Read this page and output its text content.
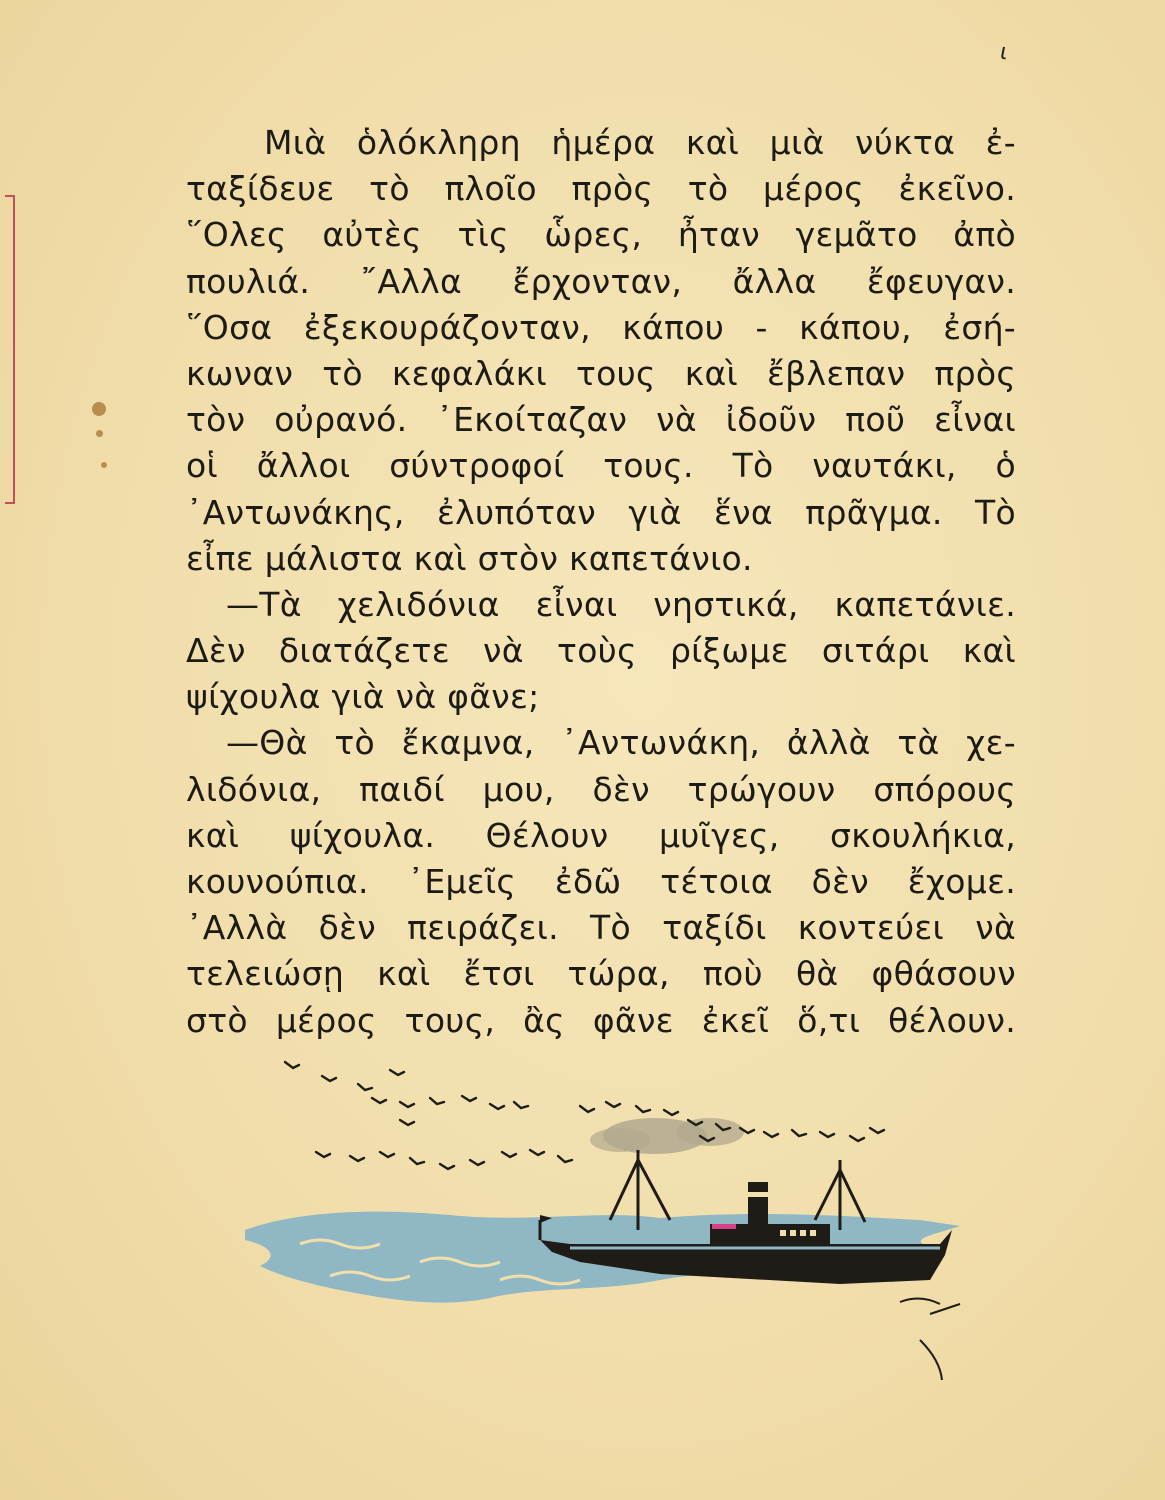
ι
Μιὰ ὁλόκληρη ἡμέρα καὶ μιὰ νύκτα ἐ-
ταξίδευε τὸ πλοῖο πρὸς τὸ μέρος ἐκεῖνο.
῞Ολες αὐτὲς τὶς ὧρες, ἦταν γεμᾶτο ἀπὸ
πουλιά. ῎Αλλα ἔρχονταν, ἄλλα ἔφευγαν.
῞Οσα ἐξεκουράζονταν, κάπου - κάπου, ἐσή-
κωναν τὸ κεφαλάκι τους καὶ ἔβλεπαν πρὸς
τὸν οὐρανό. ᾿Εκοίταζαν νὰ ἰδοῦν ποῦ εἶναι
οἱ ἄλλοι σύντροφοί τους. Τὸ ναυτάκι, ὁ
᾿Αντωνάκης, ἐλυπόταν γιὰ ἕνα πρᾶγμα. Τὸ
εἶπε μάλιστα καὶ στὸν καπετάνιο.
—Τὰ χελιδόνια εἶναι νηστικά, καπετάνιε.
Δὲν διατάζετε νὰ τοὺς ρίξωμε σιτάρι καὶ
ψίχουλα γιὰ νὰ φᾶνε;
—Θὰ τὸ ἔκαμνα, ᾿Αντωνάκη, ἀλλὰ τὰ χε-
λιδόνια, παιδί μου, δὲν τρώγουν σπόρους
καὶ ψίχουλα. Θέλουν μυῖγες, σκουλήκια,
κουνούπια. ᾿Εμεῖς ἐδῶ τέτοια δὲν ἔχομε.
᾿Αλλὰ δὲν πειράζει. Τὸ ταξίδι κοντεύει νὰ
τελειώσῃ καὶ ἔτσι τώρα, ποὺ θὰ φθάσουν
στὸ μέρος τους, ἂς φᾶνε ἐκεῖ ὅ,τι θέλουν.
